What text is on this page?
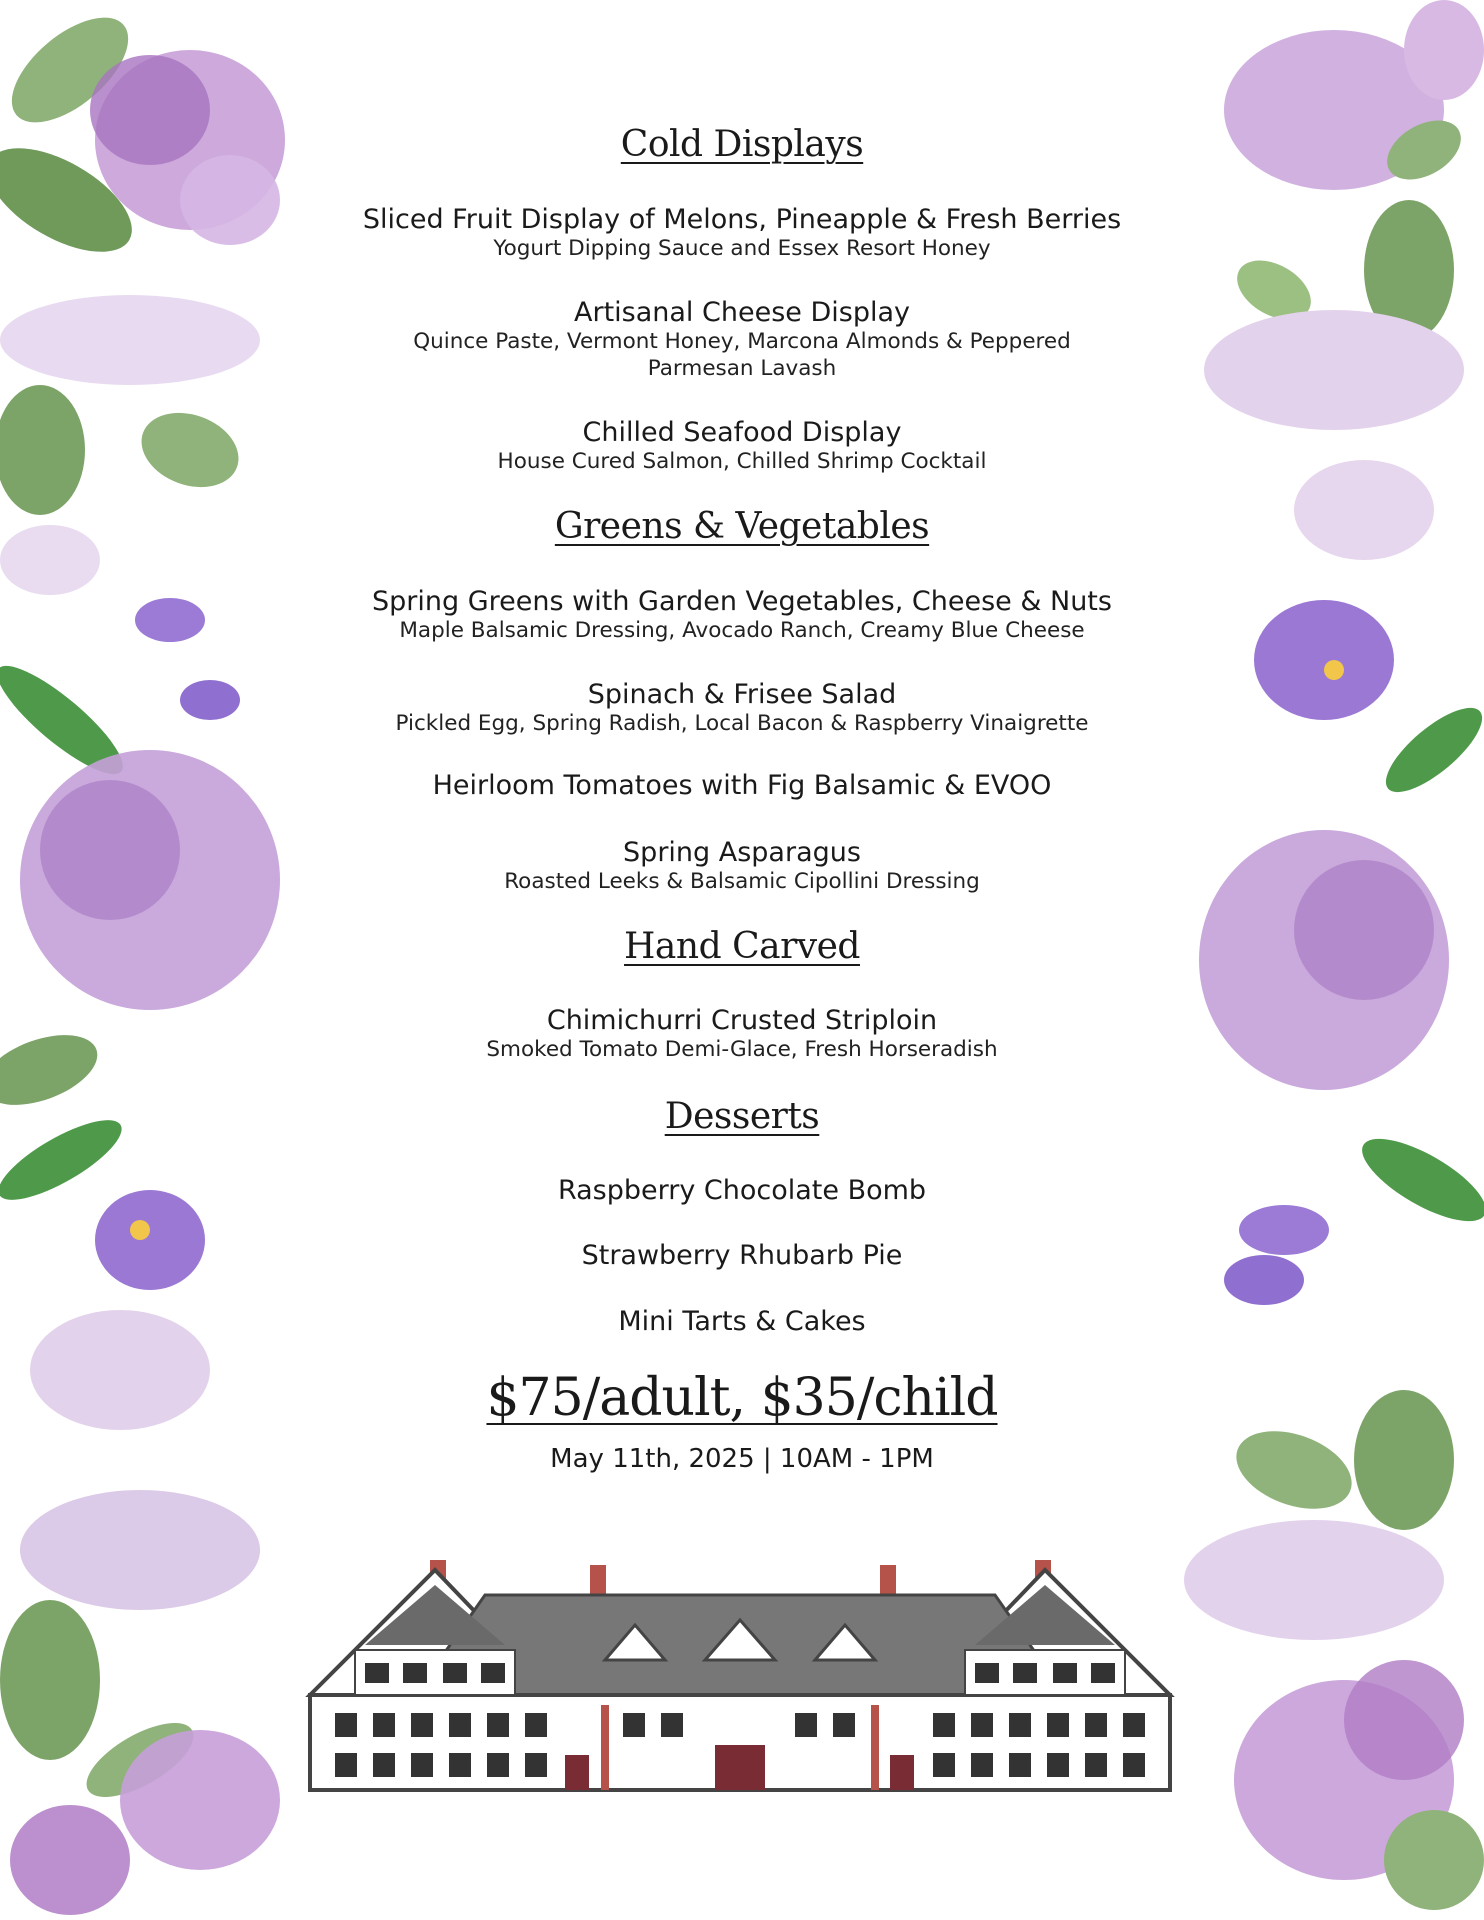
Cold Displays
Sliced Fruit Display of Melons, Pineapple & Fresh Berries
Yogurt Dipping Sauce and Essex Resort Honey
Artisanal Cheese Display
Quince Paste, Vermont Honey, Marcona Almonds & Peppered
Parmesan Lavash
Chilled Seafood Display
House Cured Salmon, Chilled Shrimp Cocktail
Greens & Vegetables
Spring Greens with Garden Vegetables, Cheese & Nuts
Maple Balsamic Dressing, Avocado Ranch, Creamy Blue Cheese
Spinach & Frisee Salad
Pickled Egg, Spring Radish, Local Bacon & Raspberry Vinaigrette
Heirloom Tomatoes with Fig Balsamic & EVOO
Spring Asparagus
Roasted Leeks & Balsamic Cipollini Dressing
Hand Carved
Chimichurri Crusted Striploin
Smoked Tomato Demi-Glace, Fresh Horseradish
Desserts
Raspberry Chocolate Bomb
Strawberry Rhubarb Pie
Mini Tarts & Cakes
$75/adult, $35/child
May 11th, 2025 | 10AM - 1PM
